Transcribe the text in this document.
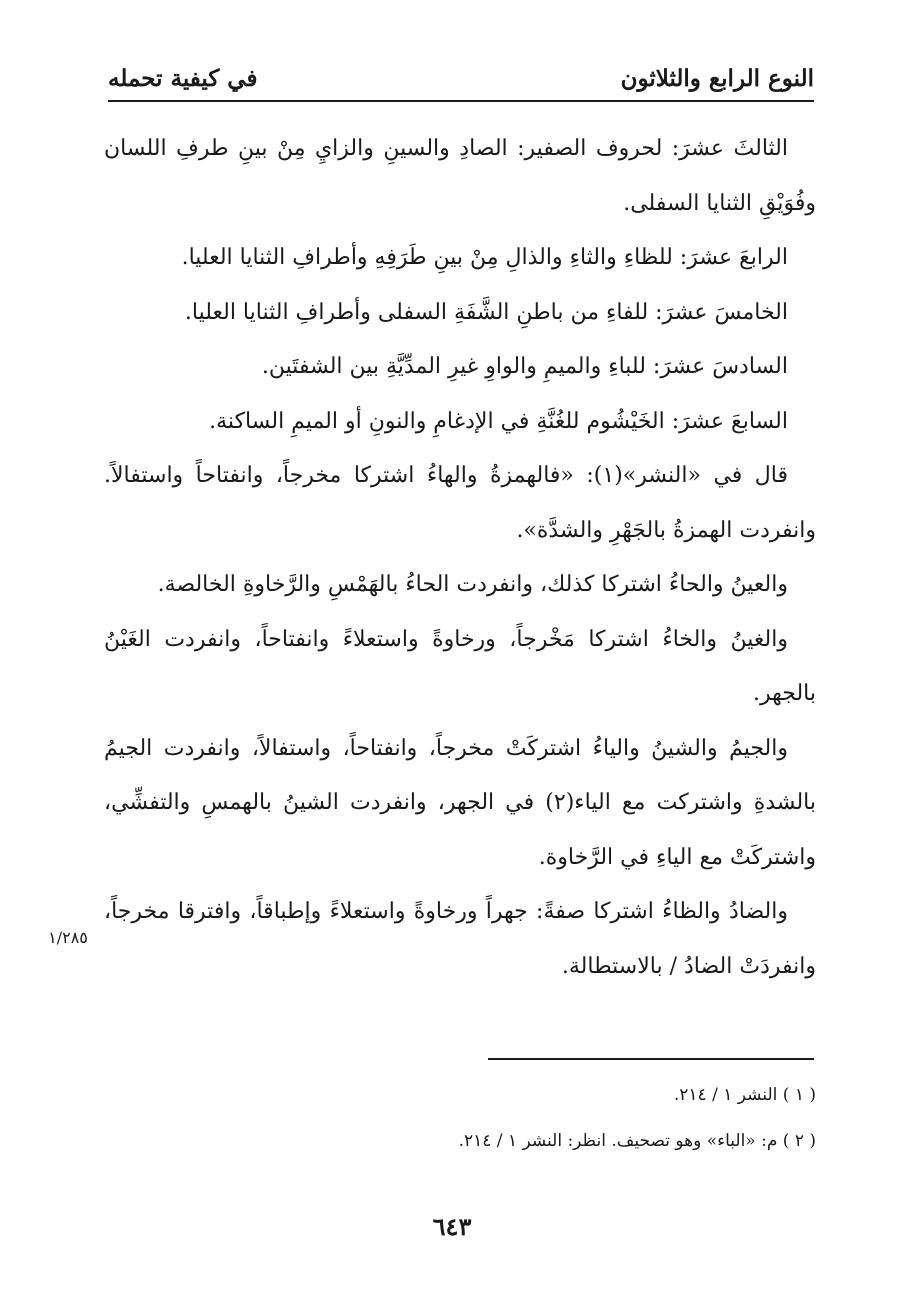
النوع الرابع والثلاثون
في كيفية تحمله

الثالثَ عشرَ: لحروف الصفير: الصادِ والسينِ والزايِ مِنْ بينِ طرفِ اللسان وفُوَيْقِ الثنايا السفلى.

الرابعَ عشرَ: للظاءِ والثاءِ والذالِ مِنْ بينِ طَرَفِهِ وأطرافِ الثنايا العليا.

الخامسَ عشرَ: للفاءِ من باطنِ الشَّفَةِ السفلى وأطرافِ الثنايا العليا.

السادسَ عشرَ: للباءِ والميمِ والواوِ غيرِ المدِّيَّةِ بين الشفتَين.

السابعَ عشرَ: الخَيْشُوم للغُنَّةِ في الإدغامِ والنونِ أو الميمِ الساكنة.

قال في «النشر»(١): «فالهمزةُ والهاءُ اشتركا مخرجاً، وانفتاحاً واستفالاً. وانفردت الهمزةُ بالجَهْرِ والشدَّة».

والعينُ والحاءُ اشتركا كذلك، وانفردت الحاءُ بالهَمْسِ والرَّخاوةِ الخالصة.

والغينُ والخاءُ اشتركا مَخْرجاً، ورخاوةً واستعلاءً وانفتاحاً، وانفردت الغَيْنُ بالجهر.

والجيمُ والشينُ والياءُ اشتركَتْ مخرجاً، وانفتاحاً، واستفالاً، وانفردت الجيمُ بالشدةِ واشتركت مع الياء(٢) في الجهر، وانفردت الشينُ بالهمسِ والتفشِّي، واشتركَتْ مع الياءِ في الرَّخاوة.

والضادُ والظاءُ اشتركا صفةً: جهراً ورخاوةً واستعلاءً وإطباقاً، وافترقا مخرجاً، وانفردَتْ الضادُ / بالاستطالة.

١/٢٨٥

( ١ ) النشر ١ / ٢١٤.

( ٢ ) م: «الباء» وهو تصحيف. انظر: النشر ١ / ٢١٤.

٦٤٣
